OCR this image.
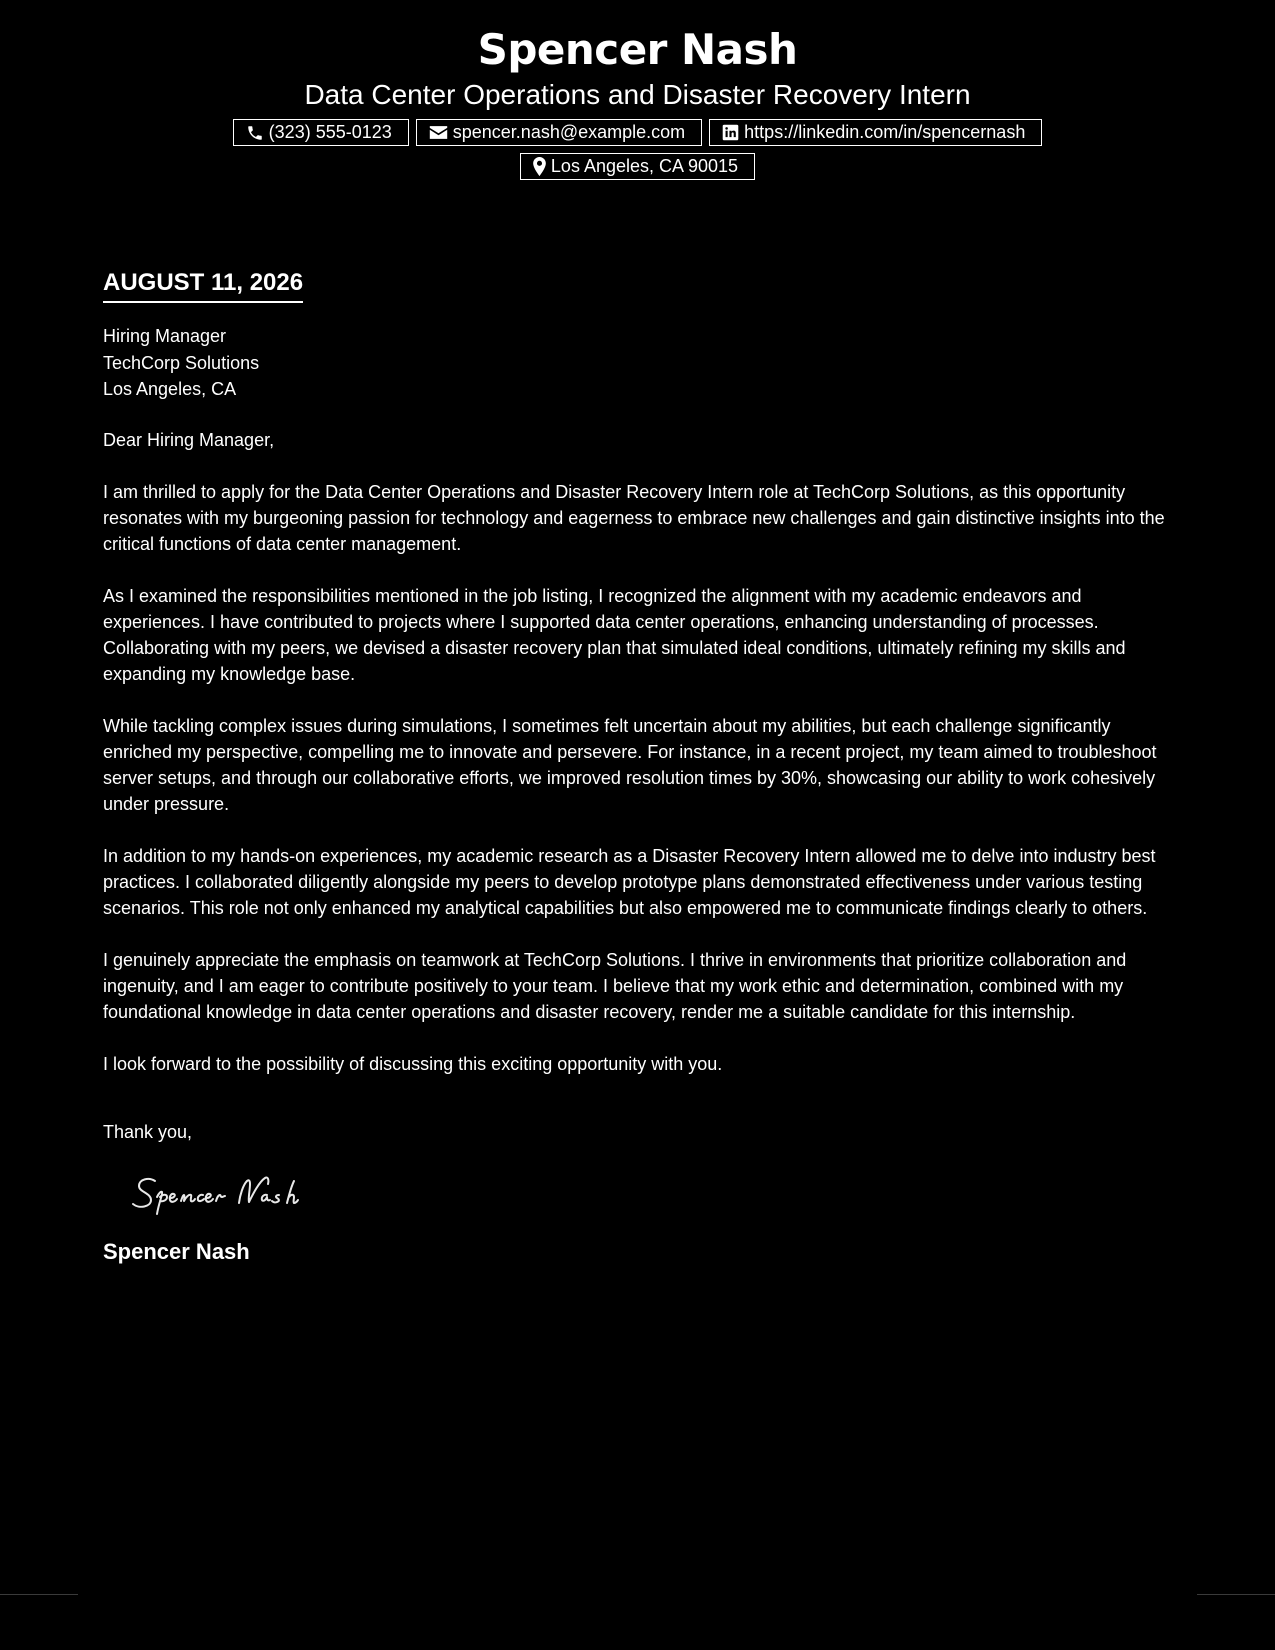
Spencer Nash
Data Center Operations and Disaster Recovery Intern
(323) 555-0123	spencer.nash@example.com	https://linkedin.com/in/spencernash
Los Angeles, CA 90015
AUGUST 11, 2026
Hiring Manager
TechCorp Solutions
Los Angeles, CA
Dear Hiring Manager,

I am thrilled to apply for the Data Center Operations and Disaster Recovery Intern role at TechCorp Solutions, as this opportunity resonates with my burgeoning passion for technology and eagerness to embrace new challenges and gain distinctive insights into the critical functions of data center management.

As I examined the responsibilities mentioned in the job listing, I recognized the alignment with my academic endeavors and experiences. I have contributed to projects where I supported data center operations, enhancing understanding of processes. Collaborating with my peers, we devised a disaster recovery plan that simulated ideal conditions, ultimately refining my skills and expanding my knowledge base.

While tackling complex issues during simulations, I sometimes felt uncertain about my abilities, but each challenge significantly enriched my perspective, compelling me to innovate and persevere. For instance, in a recent project, my team aimed to troubleshoot server setups, and through our collaborative efforts, we improved resolution times by 30%, showcasing our ability to work cohesively under pressure.

In addition to my hands-on experiences, my academic research as a Disaster Recovery Intern allowed me to delve into industry best practices. I collaborated diligently alongside my peers to develop prototype plans demonstrated effectiveness under various testing scenarios. This role not only enhanced my analytical capabilities but also empowered me to communicate findings clearly to others.

I genuinely appreciate the emphasis on teamwork at TechCorp Solutions. I thrive in environments that prioritize collaboration and ingenuity, and I am eager to contribute positively to your team. I believe that my work ethic and determination, combined with my foundational knowledge in data center operations and disaster recovery, render me a suitable candidate for this internship.

I look forward to the possibility of discussing this exciting opportunity with you.

Thank you,
Spencer Nash
